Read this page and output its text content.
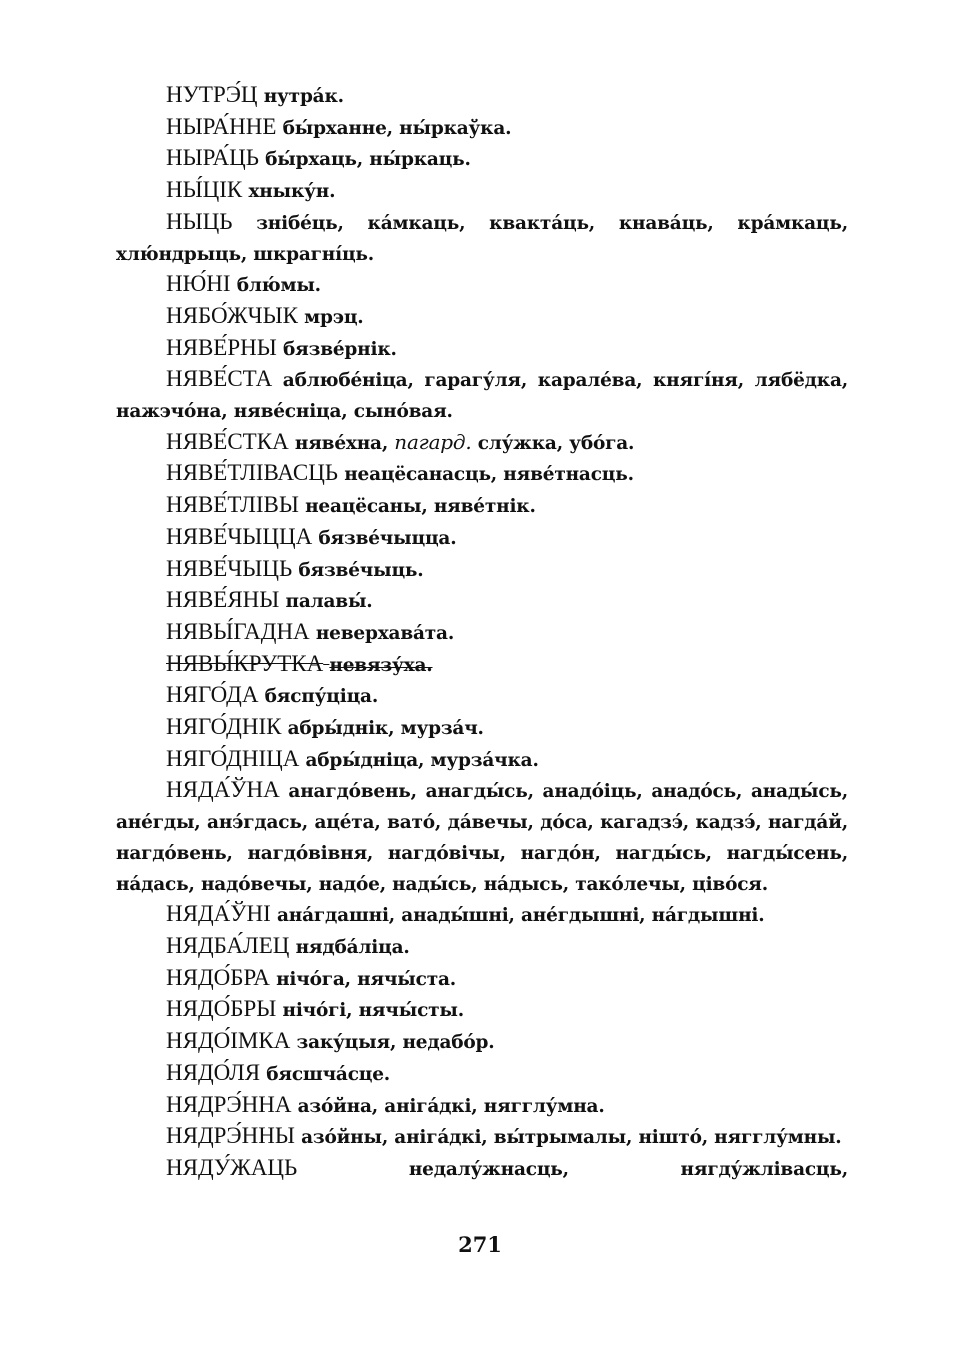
НУТРЭ́Ц нутра́к.

НЫРА́ННЕ бы́рханне, ны́ркаўка.

НЫРА́ЦЬ бы́рхаць, ны́ркаць.

НЫ́ЦІК хныку́н.

НЫЦЬ знібе́ць, ка́мкаць, квакта́ць, кнава́ць, кра́мкаць, хлю́ндрыць, шкрагні́ць.

НЮ́НІ блю́мы.

НЯБО́ЖЧЫК мрэц.

НЯВЕ́РНЫ бязве́рнік.

НЯВЕ́СТА аблюбе́ніца, гарагу́ля, карале́ва, княгі́ня, лябёдка, нажэчо́на, няве́сніца, сыно́вая.

НЯВЕ́СТКА няве́хна, пагард. слу́жка, убо́га.

НЯВЕ́ТЛІВАСЦЬ неацёсанасць, няве́тнасць.

НЯВЕ́ТЛІВЫ неацёсаны, няве́тнік.

НЯВЕ́ЧЫЦЦА бязве́чыцца.

НЯВЕ́ЧЫЦЬ бязве́чыць.

НЯВЕ́ЯНЫ палавы́.

НЯВЫ́ГАДНА неверхава́та.

НЯВЫ́КРУТКА невязу́ха.

НЯГО́ДА бяспу́ціца.

НЯГО́ДНІК абры́днік, мурза́ч.

НЯГО́ДНІЦА абры́дніца, мурза́чка.

НЯДА́ЎНА анагдо́вень, анагды́сь, анадо́іць, анадо́сь, анады́сь, ане́гды, анэ́гдась, аце́та, вато́, да́вечы, до́са, кагадзэ́, кадзэ́, нагда́й, нагдо́вень, нагдо́вівня, нагдо́вічы, нагдо́н, нагды́сь, нагды́сень, на́дась, надо́вечы, надо́е, нады́сь, на́дысь, тако́лечы, ціво́ся.

НЯДА́ЎНІ ана́гдашні, анады́шні, ане́гдышні, на́гдышні.

НЯДБА́ЛЕЦ нядба́ліца.

НЯДО́БРА нічо́га, нячы́ста.

НЯДО́БРЫ нічо́гі, нячы́сты.

НЯДО́ІМКА заку́цыя, недабо́р.

НЯДО́ЛЯ бясшча́сце.

НЯДРЭ́ННА азо́йна, аніга́дкі, нягглу́мна.

НЯДРЭ́ННЫ азо́йны, аніга́дкі, вы́трымалы, нішто́, нягглу́мны.

НЯДУ́ЖАЦЬ	недалу́жнасць, нягду́жлівасць,

271
